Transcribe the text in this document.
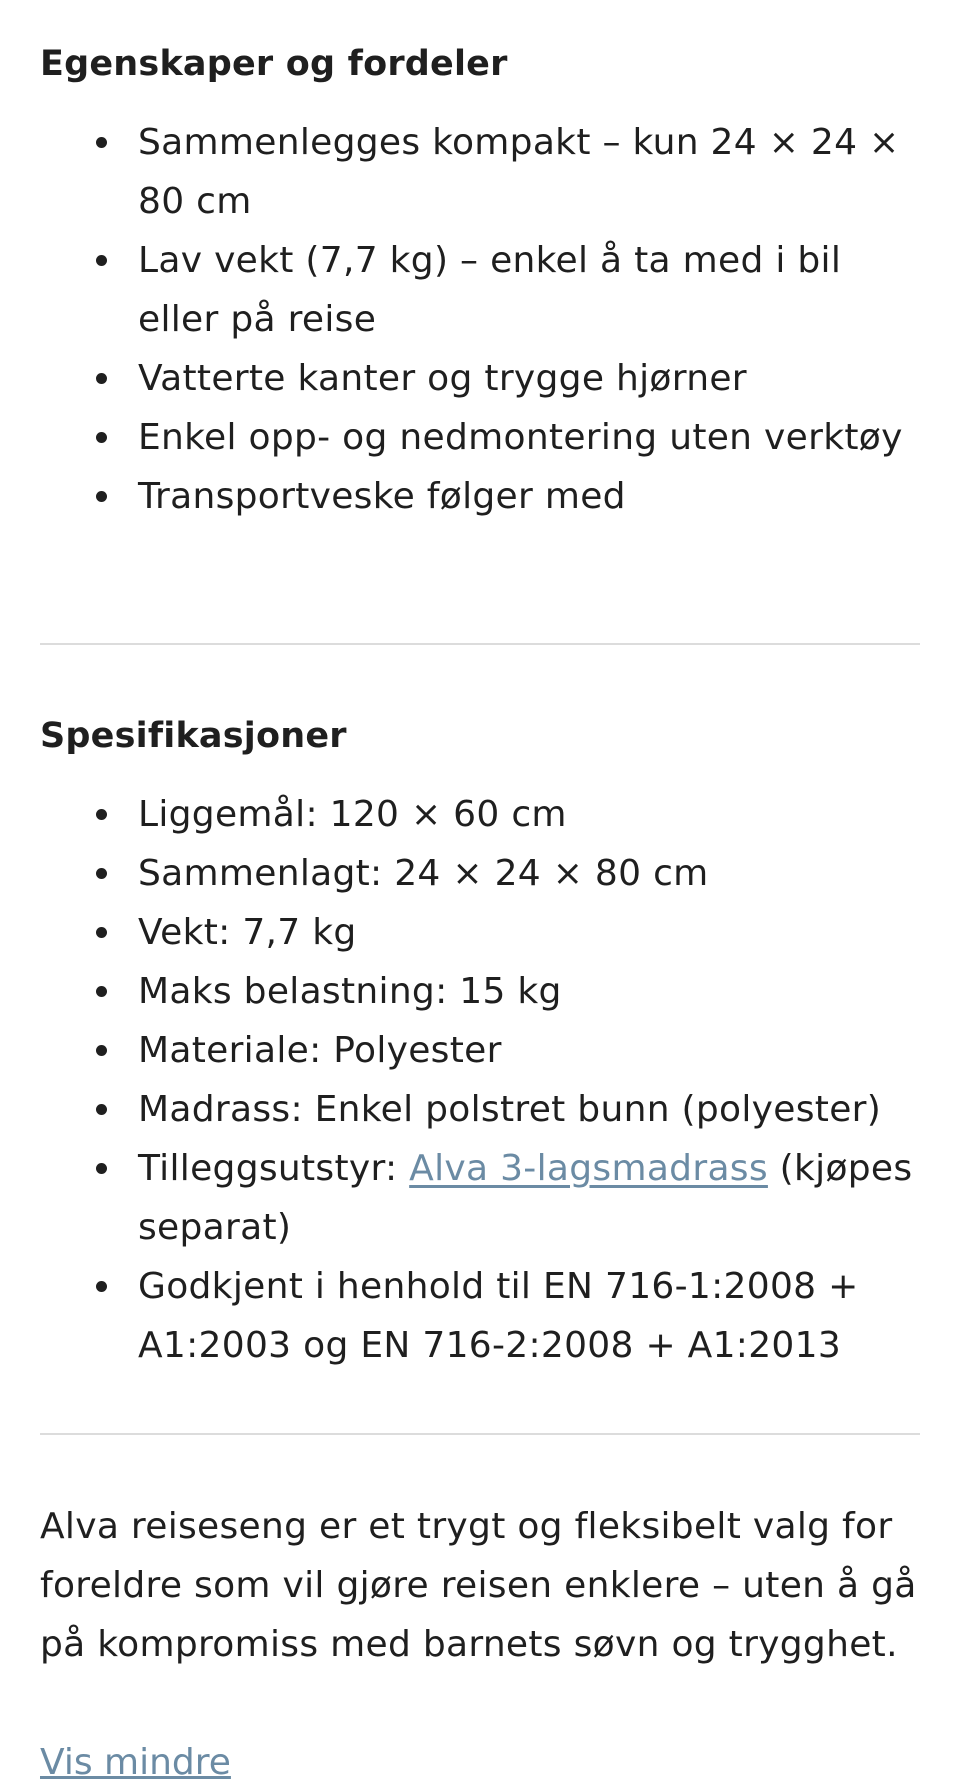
Egenskaper og fordeler
Sammenlegges kompakt – kun 24 × 24 × 80 cm
Lav vekt (7,7 kg) – enkel å ta med i bil eller på reise
Vatterte kanter og trygge hjørner
Enkel opp- og nedmontering uten verktøy
Transportveske følger med
Spesifikasjoner
Liggemål: 120 × 60 cm
Sammenlagt: 24 × 24 × 80 cm
Vekt: 7,7 kg
Maks belastning: 15 kg
Materiale: Polyester
Madrass: Enkel polstret bunn (polyester)
Tilleggsutstyr: Alva 3-lagsmadrass (kjøpes separat)
Godkjent i henhold til EN 716-1:2008 + A1:2003 og EN 716-2:2008 + A1:2013

Alva reiseseng er et trygt og fleksibelt valg for foreldre som vil gjøre reisen enklere – uten å gå på kompromiss med barnets søvn og trygghet.

Vis mindre
